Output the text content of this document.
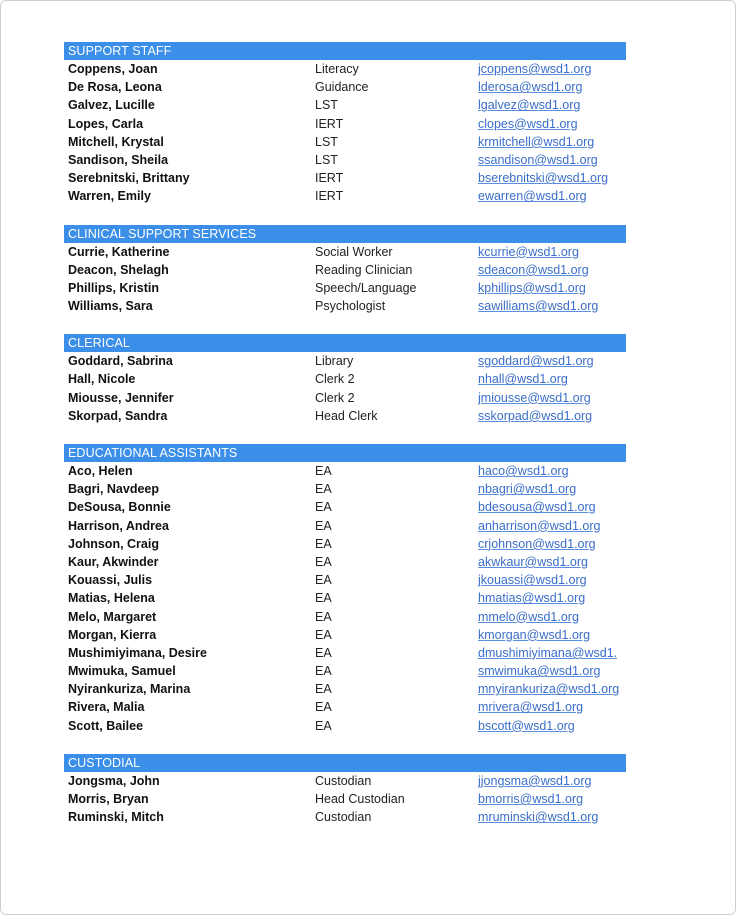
SUPPORT STAFF
Coppens, Joan	Literacy	jcoppens@wsd1.org
De Rosa, Leona	Guidance	lderosa@wsd1.org
Galvez, Lucille	LST	lgalvez@wsd1.org
Lopes, Carla	IERT	clopes@wsd1.org
Mitchell, Krystal	LST	krmitchell@wsd1.org
Sandison, Sheila	LST	ssandison@wsd1.org
Serebnitski, Brittany	IERT	bserebnitski@wsd1.org
Warren, Emily	IERT	ewarren@wsd1.org
CLINICAL SUPPORT SERVICES
Currie, Katherine	Social Worker	kcurrie@wsd1.org
Deacon, Shelagh	Reading Clinician	sdeacon@wsd1.org
Phillips, Kristin	Speech/Language	kphillips@wsd1.org
Williams, Sara	Psychologist	sawilliams@wsd1.org
CLERICAL
Goddard, Sabrina	Library	sgoddard@wsd1.org
Hall, Nicole	Clerk 2	nhall@wsd1.org
Miousse, Jennifer	Clerk 2	jmiousse@wsd1.org
Skorpad, Sandra	Head Clerk	sskorpad@wsd1.org
EDUCATIONAL ASSISTANTS
Aco, Helen	EA	haco@wsd1.org
Bagri, Navdeep	EA	nbagri@wsd1.org
DeSousa, Bonnie	EA	bdesousa@wsd1.org
Harrison, Andrea	EA	anharrison@wsd1.org
Johnson, Craig	EA	crjohnson@wsd1.org
Kaur, Akwinder	EA	akwkaur@wsd1.org
Kouassi, Julis	EA	jkouassi@wsd1.org
Matias, Helena	EA	hmatias@wsd1.org
Melo, Margaret	EA	mmelo@wsd1.org
Morgan, Kierra	EA	kmorgan@wsd1.org
Mushimiyimana, Desire	EA	dmushimiyimana@wsd1.
Mwimuka, Samuel	EA	smwimuka@wsd1.org
Nyirankuriza, Marina	EA	mnyirankuriza@wsd1.org
Rivera, Malia	EA	mrivera@wsd1.org
Scott, Bailee	EA	bscott@wsd1.org
CUSTODIAL
Jongsma, John	Custodian	jjongsma@wsd1.org
Morris, Bryan	Head Custodian	bmorris@wsd1.org
Ruminski, Mitch	Custodian	mruminski@wsd1.org
